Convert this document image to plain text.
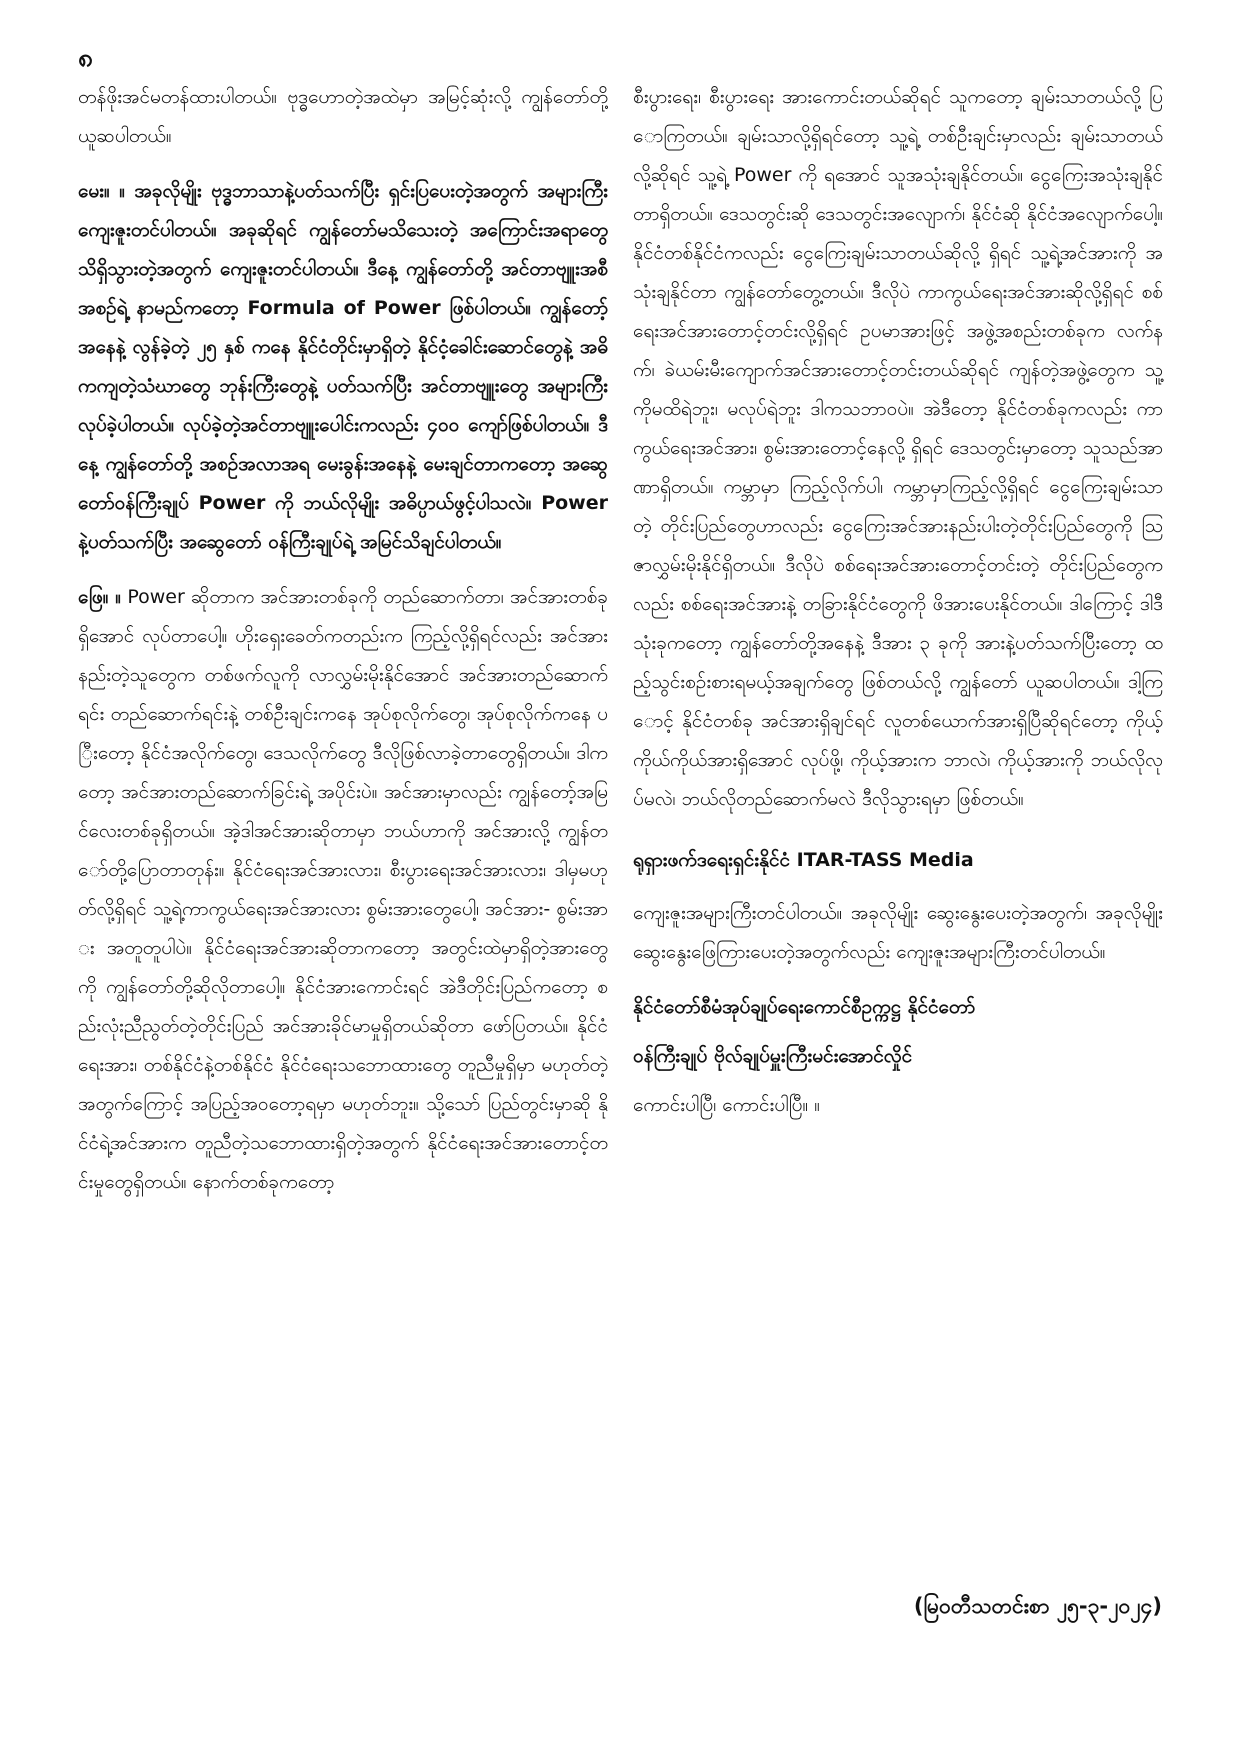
၈

တန်ဖိုးအင်မတန်ထားပါတယ်။ ဗုဒ္ဓဟောတဲ့အထဲမှာ အမြင့်ဆုံးလို့ ကျွန်တော်တို့ ယူဆပါတယ်။

မေး။ ။ အခုလိုမျိုး ဗုဒ္ဓဘာသာနဲ့ပတ်သက်ပြီး ရှင်းပြပေးတဲ့အတွက် အများကြီးကျေးဇူးတင်ပါတယ်။ အခုဆိုရင် ကျွန်တော်မသိသေးတဲ့ အကြောင်းအရာတွေ သိရှိသွားတဲ့အတွက် ကျေးဇူးတင်ပါတယ်။ ဒီနေ့ ကျွန်တော်တို့ အင်တာဗျူးအစီအစဉ်ရဲ့ နာမည်ကတော့ Formula of Power ဖြစ်ပါတယ်။ ကျွန်တော့်အနေနဲ့ လွန်ခဲ့တဲ့ ၂၅ နှစ် ကနေ နိုင်ငံတိုင်းမှာရှိတဲ့ နိုင်ငံ့ခေါင်းဆောင်တွေနဲ့ အဓိကကျတဲ့သံဃာတွေ ဘုန်းကြီးတွေနဲ့ ပတ်သက်ပြီး အင်တာဗျူးတွေ အများကြီးလုပ်ခဲ့ပါတယ်။ လုပ်ခဲ့တဲ့အင်တာဗျူးပေါင်းကလည်း ၄၀၀ ကျော်ဖြစ်ပါတယ်။ ဒီနေ့ ကျွန်တော်တို့ အစဉ်အလာအရ မေးခွန်းအနေနဲ့ မေးချင်တာကတော့ အဆွေတော်ဝန်ကြီးချုပ် Power ကို ဘယ်လိုမျိုး အဓိပ္ပာယ်ဖွင့်ပါသလဲ။ Power နဲ့ပတ်သက်ပြီး အဆွေတော် ဝန်ကြီးချုပ်ရဲ့ အမြင်သိချင်ပါတယ်။

ဖြေ။ ။ Power ဆိုတာက အင်အားတစ်ခုကို တည်ဆောက်တာ၊ အင်အားတစ်ခုရှိအောင် လုပ်တာပေါ့။ ဟိုးရှေးခေတ်ကတည်းက ကြည့်လို့ရှိရင်လည်း အင်အားနည်းတဲ့သူတွေက တစ်ဖက်လူကို လာလွှမ်းမိုးနိုင်အောင် အင်အားတည်ဆောက်ရင်း တည်ဆောက်ရင်းနဲ့ တစ်ဦးချင်းကနေ အုပ်စုလိုက်တွေ၊ အုပ်စုလိုက်ကနေ ပြီးတော့ နိုင်ငံအလိုက်တွေ၊ ဒေသလိုက်တွေ ဒီလိုဖြစ်လာခဲ့တာတွေရှိတယ်။ ဒါကတော့ အင်အားတည်ဆောက်ခြင်းရဲ့ အပိုင်းပဲ။ အင်အားမှာလည်း ကျွန်တော့်အမြင်လေးတစ်ခုရှိတယ်။ အဲ့ဒါအင်အားဆိုတာမှာ ဘယ်ဟာကို အင်အားလို့ ကျွန်တော်တို့ပြောတာတုန်း။ နိုင်ငံရေးအင်အားလား၊ စီးပွားရေးအင်အားလား၊ ဒါမှမဟုတ်လို့ရှိရင် သူ့ရဲ့ကာကွယ်ရေးအင်အားလား စွမ်းအားတွေပေါ့၊ အင်အား- စွမ်းအား အတူတူပါပဲ။ နိုင်ငံရေးအင်အားဆိုတာကတော့ အတွင်းထဲမှာရှိတဲ့အားတွေကို ကျွန်တော်တို့ဆိုလိုတာပေါ့။ နိုင်ငံအားကောင်းရင် အဲဒီတိုင်းပြည်ကတော့ စည်းလုံးညီညွတ်တဲ့တိုင်းပြည် အင်အားခိုင်မာမှုရှိတယ်ဆိုတာ ဖော်ပြတယ်။ နိုင်ငံရေးအား၊ တစ်နိုင်ငံနဲ့တစ်နိုင်ငံ နိုင်ငံရေးသဘောထားတွေ တူညီမှုရှိမှာ မဟုတ်တဲ့အတွက်ကြောင့် အပြည့်အဝတော့ရမှာ မဟုတ်ဘူး။ သို့သော် ပြည်တွင်းမှာဆို နိုင်ငံရဲ့အင်အားက တူညီတဲ့သဘောထားရှိတဲ့အတွက် နိုင်ငံရေးအင်အားတောင့်တင်းမှုတွေရှိတယ်။ နောက်တစ်ခုကတော့

စီးပွားရေး၊ စီးပွားရေး အားကောင်းတယ်ဆိုရင် သူကတော့ ချမ်းသာတယ်လို့ ပြောကြတယ်။ ချမ်းသာလို့ရှိရင်တော့ သူ့ရဲ့ တစ်ဦးချင်းမှာလည်း ချမ်းသာတယ်လို့ဆိုရင် သူ့ရဲ့ Power ကို ရအောင် သူအသုံးချနိုင်တယ်။ ငွေကြေးအသုံးချနိုင်တာရှိတယ်။ ဒေသတွင်းဆို ဒေသတွင်းအလျောက်၊ နိုင်ငံဆို နိုင်ငံအလျောက်ပေါ့။ နိုင်ငံတစ်နိုင်ငံကလည်း ငွေကြေးချမ်းသာတယ်ဆိုလို့ ရှိရင် သူ့ရဲ့အင်အားကို အသုံးချနိုင်တာ ကျွန်တော်တွေ့တယ်။ ဒီလိုပဲ ကာကွယ်ရေးအင်အားဆိုလို့ရှိရင် စစ်ရေးအင်အားတောင့်တင်းလို့ရှိရင် ဥပမာအားဖြင့် အဖွဲ့အစည်းတစ်ခုက လက်နက်၊ ခဲယမ်းမီးကျောက်အင်အားတောင့်တင်းတယ်ဆိုရင် ကျန်တဲ့အဖွဲ့တွေက သူ့ကိုမထိရဲဘူး၊ မလုပ်ရဲဘူး ဒါကသဘာဝပဲ။ အဲဒီတော့ နိုင်ငံတစ်ခုကလည်း ကာကွယ်ရေးအင်အား၊ စွမ်းအားတောင့်နေလို့ ရှိရင် ဒေသတွင်းမှာတော့ သူသည်အာဏာရှိတယ်။ ကမ္ဘာမှာ ကြည့်လိုက်ပါ၊ ကမ္ဘာမှာကြည့်လို့ရှိရင် ငွေကြေးချမ်းသာတဲ့ တိုင်းပြည်တွေဟာလည်း ငွေကြေးအင်အားနည်းပါးတဲ့တိုင်းပြည်တွေကို ဩဇာလွှမ်းမိုးနိုင်ရှိတယ်။ ဒီလိုပဲ စစ်ရေးအင်အားတောင့်တင်းတဲ့ တိုင်းပြည်တွေကလည်း စစ်ရေးအင်အားနဲ့ တခြားနိုင်ငံတွေကို ဖိအားပေးနိုင်တယ်။ ဒါကြောင့် ဒါဒီသုံးခုကတော့ ကျွန်တော်တို့အနေနဲ့ ဒီအား ၃ ခုကို အားနဲ့ပတ်သက်ပြီးတော့ ထည့်သွင်းစဉ်းစားရမယ့်အချက်တွေ ဖြစ်တယ်လို့ ကျွန်တော် ယူဆပါတယ်။ ဒါ့ကြောင့် နိုင်ငံတစ်ခု အင်အားရှိချင်ရင် လူတစ်ယောက်အားရှိပြီဆိုရင်တော့ ကိုယ့်ကိုယ်ကိုယ်အားရှိအောင် လုပ်ဖို့၊ ကိုယ့်အားက ဘာလဲ၊ ကိုယ့်အားကို ဘယ်လိုလုပ်မလဲ၊ ဘယ်လိုတည်ဆောက်မလဲ ဒီလိုသွားရမှာ ဖြစ်တယ်။

ရုရှားဖက်ဒရေးရှင်းနိုင်ငံ ITAR-TASS Media

ကျေးဇူးအများကြီးတင်ပါတယ်။ အခုလိုမျိုး ဆွေးနွေးပေးတဲ့အတွက်၊ အခုလိုမျိုး ဆွေးနွေးဖြေကြားပေးတဲ့အတွက်လည်း ကျေးဇူးအများကြီးတင်ပါတယ်။

နိုင်ငံတော်စီမံအုပ်ချုပ်ရေးကောင်စီဥက္ကဋ္ဌ နိုင်ငံတော်
ဝန်ကြီးချုပ် ဗိုလ်ချုပ်မှူးကြီးမင်းအောင်လှိုင်

ကောင်းပါပြီ၊ ကောင်းပါပြီ။ ။

(မြဝတီသတင်းစာ ၂၅-၃-၂၀၂၄)
